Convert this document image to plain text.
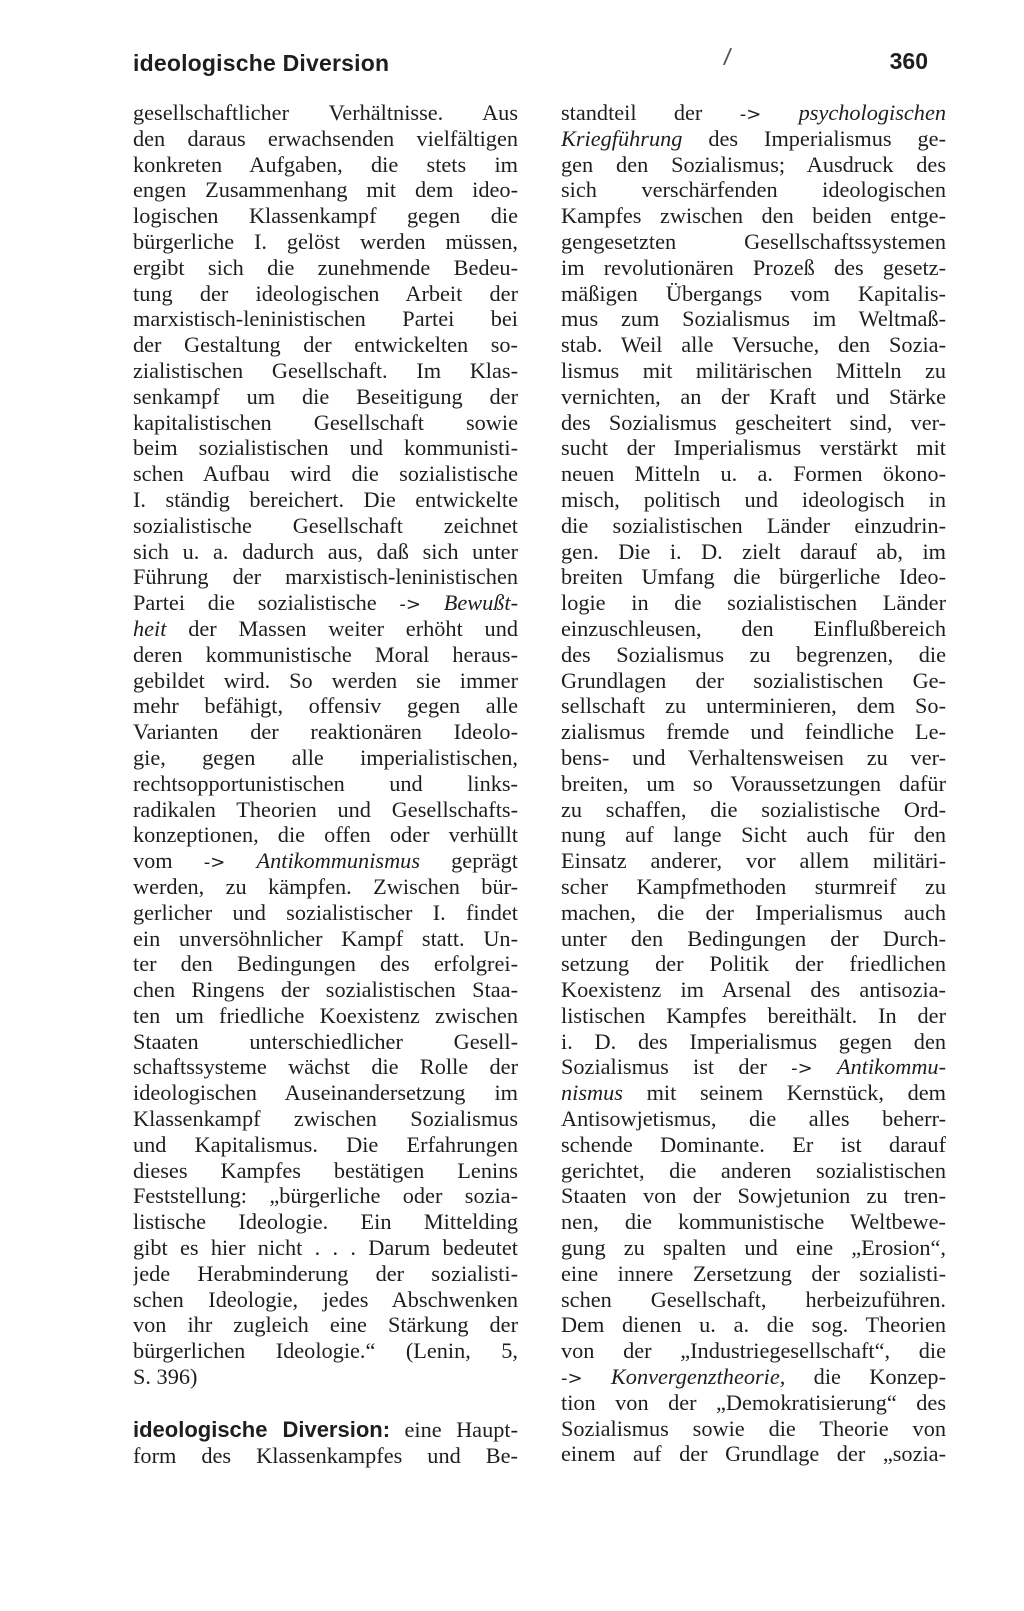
ideologische Diversion	/	360
gesellschaftlicher Verhältnisse. Aus
den daraus erwachsenden vielfältigen
konkreten Aufgaben, die stets im
engen Zusammenhang mit dem ideo-
logischen Klassenkampf gegen die
bürgerliche I. gelöst werden müssen,
ergibt sich die zunehmende Bedeu-
tung der ideologischen Arbeit der
marxistisch-leninistischen Partei bei
der Gestaltung der entwickelten so-
zialistischen Gesellschaft. Im Klas-
senkampf um die Beseitigung der
kapitalistischen Gesellschaft sowie
beim sozialistischen und kommunisti-
schen Aufbau wird die sozialistische
I. ständig bereichert. Die entwickelte
sozialistische Gesellschaft zeichnet
sich u. a. dadurch aus, daß sich unter
Führung der marxistisch-leninistischen
Partei die sozialistische -> Bewußt-
heit der Massen weiter erhöht und
deren kommunistische Moral heraus-
gebildet wird. So werden sie immer
mehr befähigt, offensiv gegen alle
Varianten der reaktionären Ideolo-
gie, gegen alle imperialistischen,
rechtsopportunistischen und links-
radikalen Theorien und Gesellschafts-
konzeptionen, die offen oder verhüllt
vom -> Antikommunismus geprägt
werden, zu kämpfen. Zwischen bür-
gerlicher und sozialistischer I. findet
ein unversöhnlicher Kampf statt. Un-
ter den Bedingungen des erfolgrei-
chen Ringens der sozialistischen Staa-
ten um friedliche Koexistenz zwischen
Staaten unterschiedlicher Gesell-
schaftssysteme wächst die Rolle der
ideologischen Auseinandersetzung im
Klassenkampf zwischen Sozialismus
und Kapitalismus. Die Erfahrungen
dieses Kampfes bestätigen Lenins
Feststellung: „bürgerliche oder sozia-
listische Ideologie. Ein Mittelding
gibt es hier nicht . . . Darum bedeutet
jede Herabminderung der sozialisti-
schen Ideologie, jedes Abschwenken
von ihr zugleich eine Stärkung der
bürgerlichen Ideologie.“ (Lenin, 5,
S. 396)
ideologische Diversion: eine Haupt-
form des Klassenkampfes und Be-
standteil der -> psychologischen
Kriegführung des Imperialismus ge-
gen den Sozialismus; Ausdruck des
sich verschärfenden ideologischen
Kampfes zwischen den beiden entge-
gengesetzten Gesellschaftssystemen
im revolutionären Prozeß des gesetz-
mäßigen Übergangs vom Kapitalis-
mus zum Sozialismus im Weltmaß-
stab. Weil alle Versuche, den Sozia-
lismus mit militärischen Mitteln zu
vernichten, an der Kraft und Stärke
des Sozialismus gescheitert sind, ver-
sucht der Imperialismus verstärkt mit
neuen Mitteln u. a. Formen ökono-
misch, politisch und ideologisch in
die sozialistischen Länder einzudrin-
gen. Die i. D. zielt darauf ab, im
breiten Umfang die bürgerliche Ideo-
logie in die sozialistischen Länder
einzuschleusen, den Einflußbereich
des Sozialismus zu begrenzen, die
Grundlagen der sozialistischen Ge-
sellschaft zu unterminieren, dem So-
zialismus fremde und feindliche Le-
bens- und Verhaltensweisen zu ver-
breiten, um so Voraussetzungen dafür
zu schaffen, die sozialistische Ord-
nung auf lange Sicht auch für den
Einsatz anderer, vor allem militäri-
scher Kampfmethoden sturmreif zu
machen, die der Imperialismus auch
unter den Bedingungen der Durch-
setzung der Politik der friedlichen
Koexistenz im Arsenal des antisozia-
listischen Kampfes bereithält. In der
i. D. des Imperialismus gegen den
Sozialismus ist der -> Antikommu-
nismus mit seinem Kernstück, dem
Antisowjetismus, die alles beherr-
schende Dominante. Er ist darauf
gerichtet, die anderen sozialistischen
Staaten von der Sowjetunion zu tren-
nen, die kommunistische Weltbewe-
gung zu spalten und eine „Erosion“,
eine innere Zersetzung der sozialisti-
schen Gesellschaft, herbeizuführen.
Dem dienen u. a. die sog. Theorien
von der „Industriegesellschaft“, die
-> Konvergenztheorie, die Konzep-
tion von der „Demokratisierung“ des
Sozialismus sowie die Theorie von
einem auf der Grundlage der „sozia-
